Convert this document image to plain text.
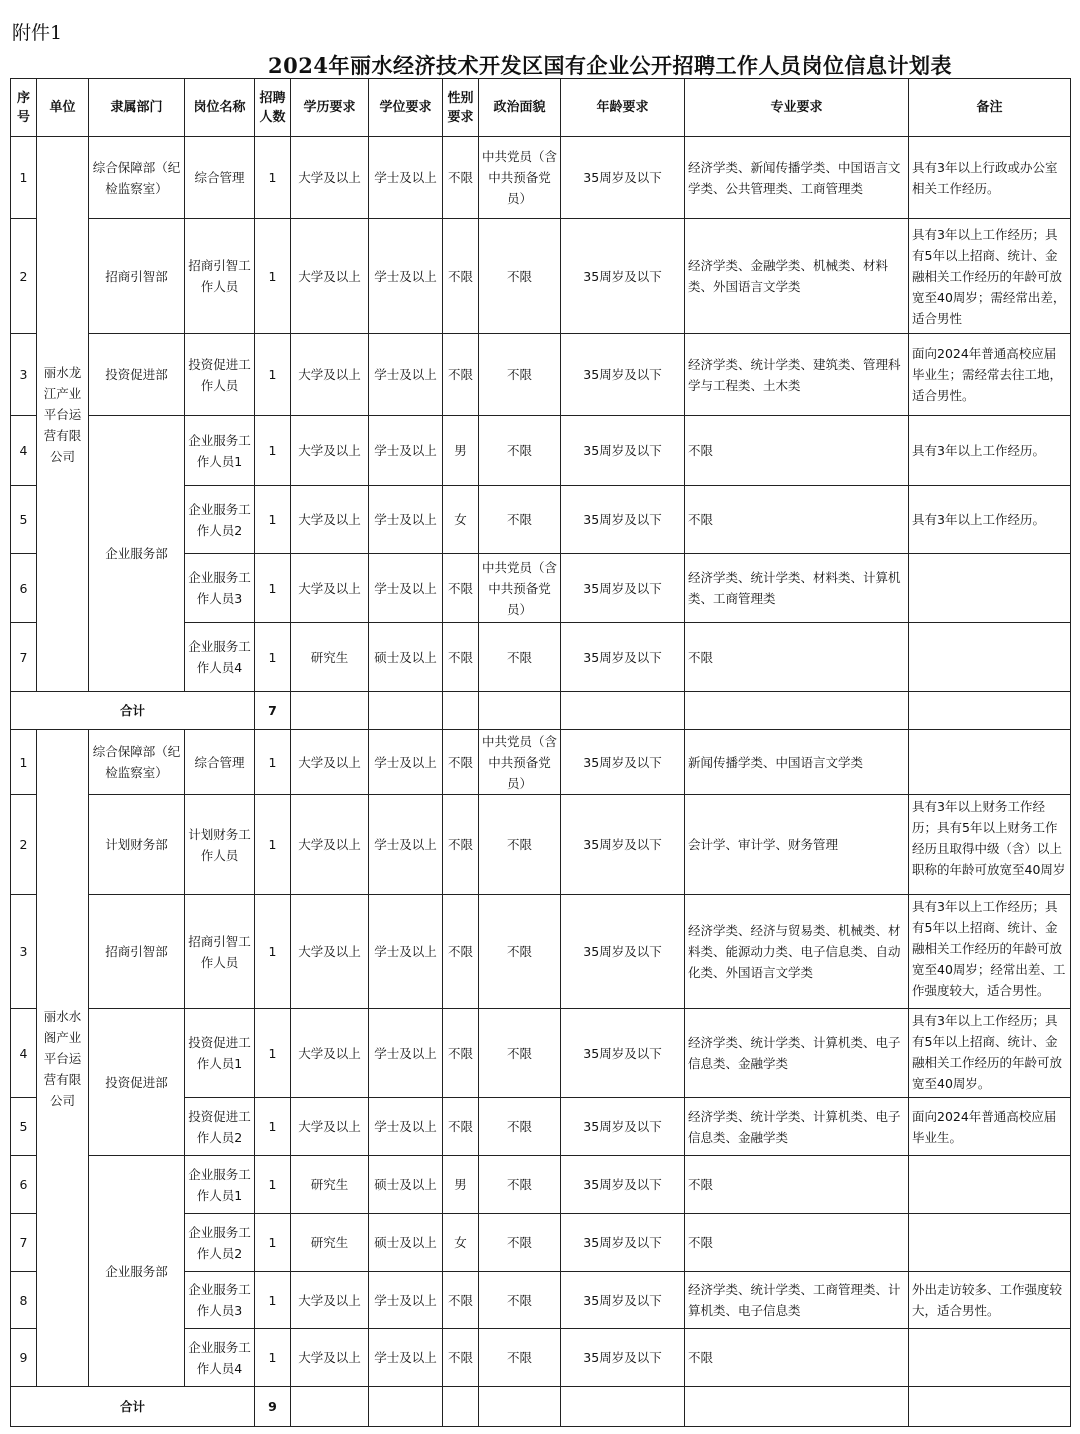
附件1
2024年丽水经济技术开发区国有企业公开招聘工作人员岗位信息计划表
序号	单位	隶属部门	岗位名称	招聘人数	学历要求	学位要求	性别要求	政治面貌	年龄要求	专业要求	备注
1	丽水龙江产业平台运营有限公司	综合保障部（纪检监察室）	综合管理	1	大学及以上	学士及以上	不限	中共党员（含中共预备党员）	35周岁及以下	经济学类、新闻传播学类、中国语言文学类、公共管理类、工商管理类	具有3年以上行政或办公室相关工作经历。
2		招商引智部	招商引智工作人员	1	大学及以上	学士及以上	不限	不限	35周岁及以下	经济学类、金融学类、机械类、材料类、外国语言文学类	具有3年以上工作经历；具有5年以上招商、统计、金融相关工作经历的年龄可放宽至40周岁；需经常出差，适合男性
3		投资促进部	投资促进工作人员	1	大学及以上	学士及以上	不限	不限	35周岁及以下	经济学类、统计学类、建筑类、管理科学与工程类、土木类	面向2024年普通高校应届毕业生；需经常去往工地，适合男性。
4		企业服务部	企业服务工作人员1	1	大学及以上	学士及以上	男	不限	35周岁及以下	不限	具有3年以上工作经历。
5			企业服务工作人员2	1	大学及以上	学士及以上	女	不限	35周岁及以下	不限	具有3年以上工作经历。
6			企业服务工作人员3	1	大学及以上	学士及以上	不限	中共党员（含中共预备党员）	35周岁及以下	经济学类、统计学类、材料类、计算机类、工商管理类	
7			企业服务工作人员4	1	研究生	硕士及以上	不限	不限	35周岁及以下	不限	
合计				7							
1	丽水水阁产业平台运营有限公司	综合保障部（纪检监察室）	综合管理	1	大学及以上	学士及以上	不限	中共党员（含中共预备党员）	35周岁及以下	新闻传播学类、中国语言文学类	
2		计划财务部	计划财务工作人员	1	大学及以上	学士及以上	不限	不限	35周岁及以下	会计学、审计学、财务管理	具有3年以上财务工作经历；具有5年以上财务工作经历且取得中级（含）以上职称的年龄可放宽至40周岁

3		招商引智部	招商引智工作人员	1	大学及以上	学士及以上	不限	不限	35周岁及以下	经济学类、经济与贸易类、机械类、材料类、能源动力类、电子信息类、自动化类、外国语言文学类	具有3年以上工作经历；具有5年以上招商、统计、金融相关工作经历的年龄可放宽至40周岁；经常出差、工作强度较大，适合男性。

4		投资促进部	投资促进工作人员1	1	大学及以上	学士及以上	不限	不限	35周岁及以下	经济学类、统计学类、计算机类、电子信息类、金融学类	具有3年以上工作经历；具有5年以上招商、统计、金融相关工作经历的年龄可放宽至40周岁。

5			投资促进工作人员2	1	大学及以上	学士及以上	不限	不限	35周岁及以下	经济学类、统计学类、计算机类、电子信息类、金融学类	面向2024年普通高校应届毕业生。
6		企业服务部	企业服务工作人员1	1	研究生	硕士及以上	男	不限	35周岁及以下	不限	
7			企业服务工作人员2	1	研究生	硕士及以上	女	不限	35周岁及以下	不限	
8			企业服务工作人员3	1	大学及以上	学士及以上	不限	不限	35周岁及以下	经济学类、统计学类、工商管理类、计算机类、电子信息类	外出走访较多、工作强度较大，适合男性。
9			企业服务工作人员4	1	大学及以上	学士及以上	不限	不限	35周岁及以下	不限	
合计				9							
